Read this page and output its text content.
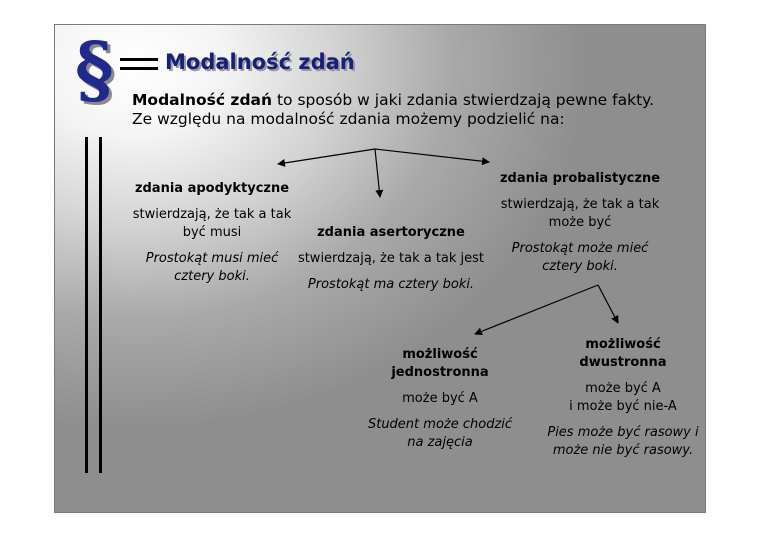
§ Modalność zdań
Modalność zdań to sposób w jaki zdania stwierdzają pewne fakty.
Ze względu na modalność zdania możemy podzielić na:
zdania apodyktyczne
stwierdzają, że tak a tak
być musi
Prostokąt musi mieć
cztery boki.
zdania asertoryczne
stwierdzają, że tak a tak jest
Prostokąt ma cztery boki.
zdania probalistyczne
stwierdzają, że tak a tak
może być
Prostokąt może mieć
cztery boki.
możliwość
jednostronna
może być A
Student może chodzić
na zajęcia
możliwość
dwustronna
może być A
i może być nie-A
Pies może być rasowy i
może nie być rasowy.
